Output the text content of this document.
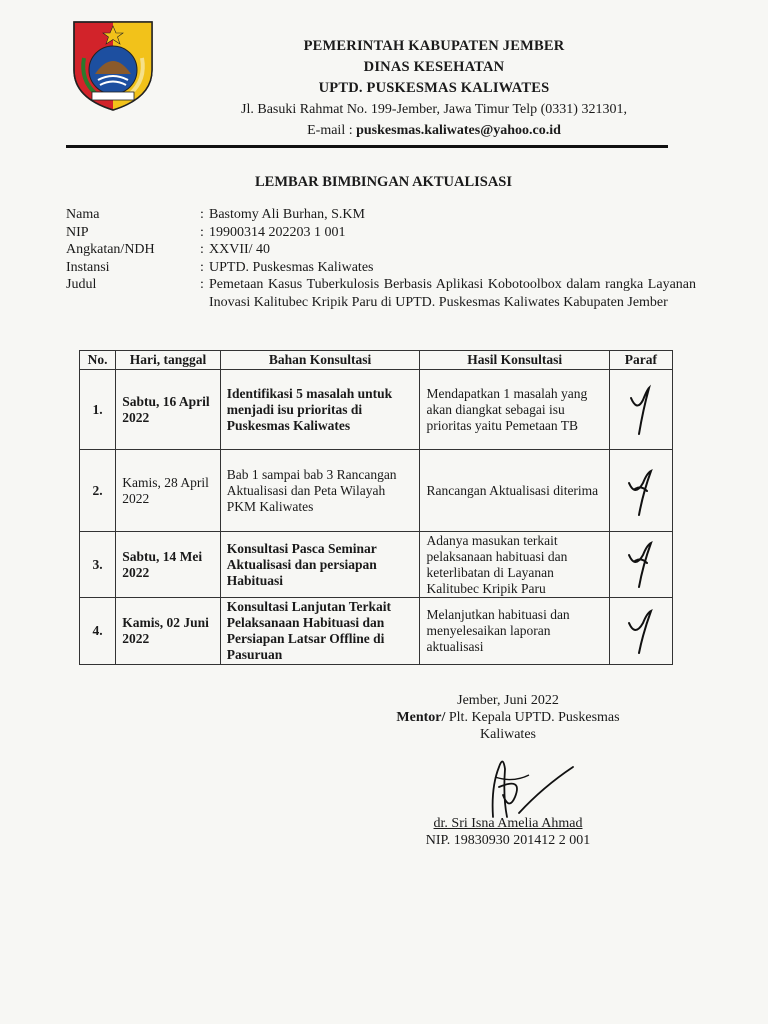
PEMERINTAH KABUPATEN JEMBER
DINAS KESEHATAN
UPTD. PUSKESMAS KALIWATES
Jl. Basuki Rahmat No. 199-Jember, Jawa Timur Telp (0331) 321301,
E-mail : puskesmas.kaliwates@yahoo.co.id
LEMBAR BIMBINGAN AKTUALISASI
Nama	: Bastomy Ali Burhan, S.KM
NIP	: 19900314 202203 1 001
Angkatan/NDH	: XXVII/ 40
Instansi	: UPTD. Puskesmas Kaliwates
Judul	: Pemetaan Kasus Tuberkulosis Berbasis Aplikasi Kobotoolbox dalam rangka Layanan Inovasi Kalitubec Kripik Paru di UPTD. Puskesmas Kaliwates Kabupaten Jember
No.	Hari, tanggal	Bahan Konsultasi	Hasil Konsultasi	Paraf
1.	Sabtu, 16 April 2022	Identifikasi 5 masalah untuk menjadi isu prioritas di Puskesmas Kaliwates	Mendapatkan 1 masalah yang akan diangkat sebagai isu prioritas yaitu Pemetaan TB	
2.	Kamis, 28 April 2022	Bab 1 sampai bab 3 Rancangan Aktualisasi dan Peta Wilayah PKM Kaliwates	Rancangan Aktualisasi diterima	
3.	Sabtu, 14 Mei 2022	Konsultasi Pasca Seminar Aktualisasi dan persiapan Habituasi	Adanya masukan terkait pelaksanaan habituasi dan keterlibatan di Layanan Kalitubec Kripik Paru	
4.	Kamis, 02 Juni 2022	Konsultasi Lanjutan Terkait Pelaksanaan Habituasi dan Persiapan Latsar Offline di Pasuruan	Melanjutkan habituasi dan menyelesaikan laporan aktualisasi	
Jember, Juni 2022
Mentor/ Plt. Kepala UPTD. Puskesmas Kaliwates
dr. Sri Isna Amelia Ahmad
NIP. 19830930 201412 2 001
